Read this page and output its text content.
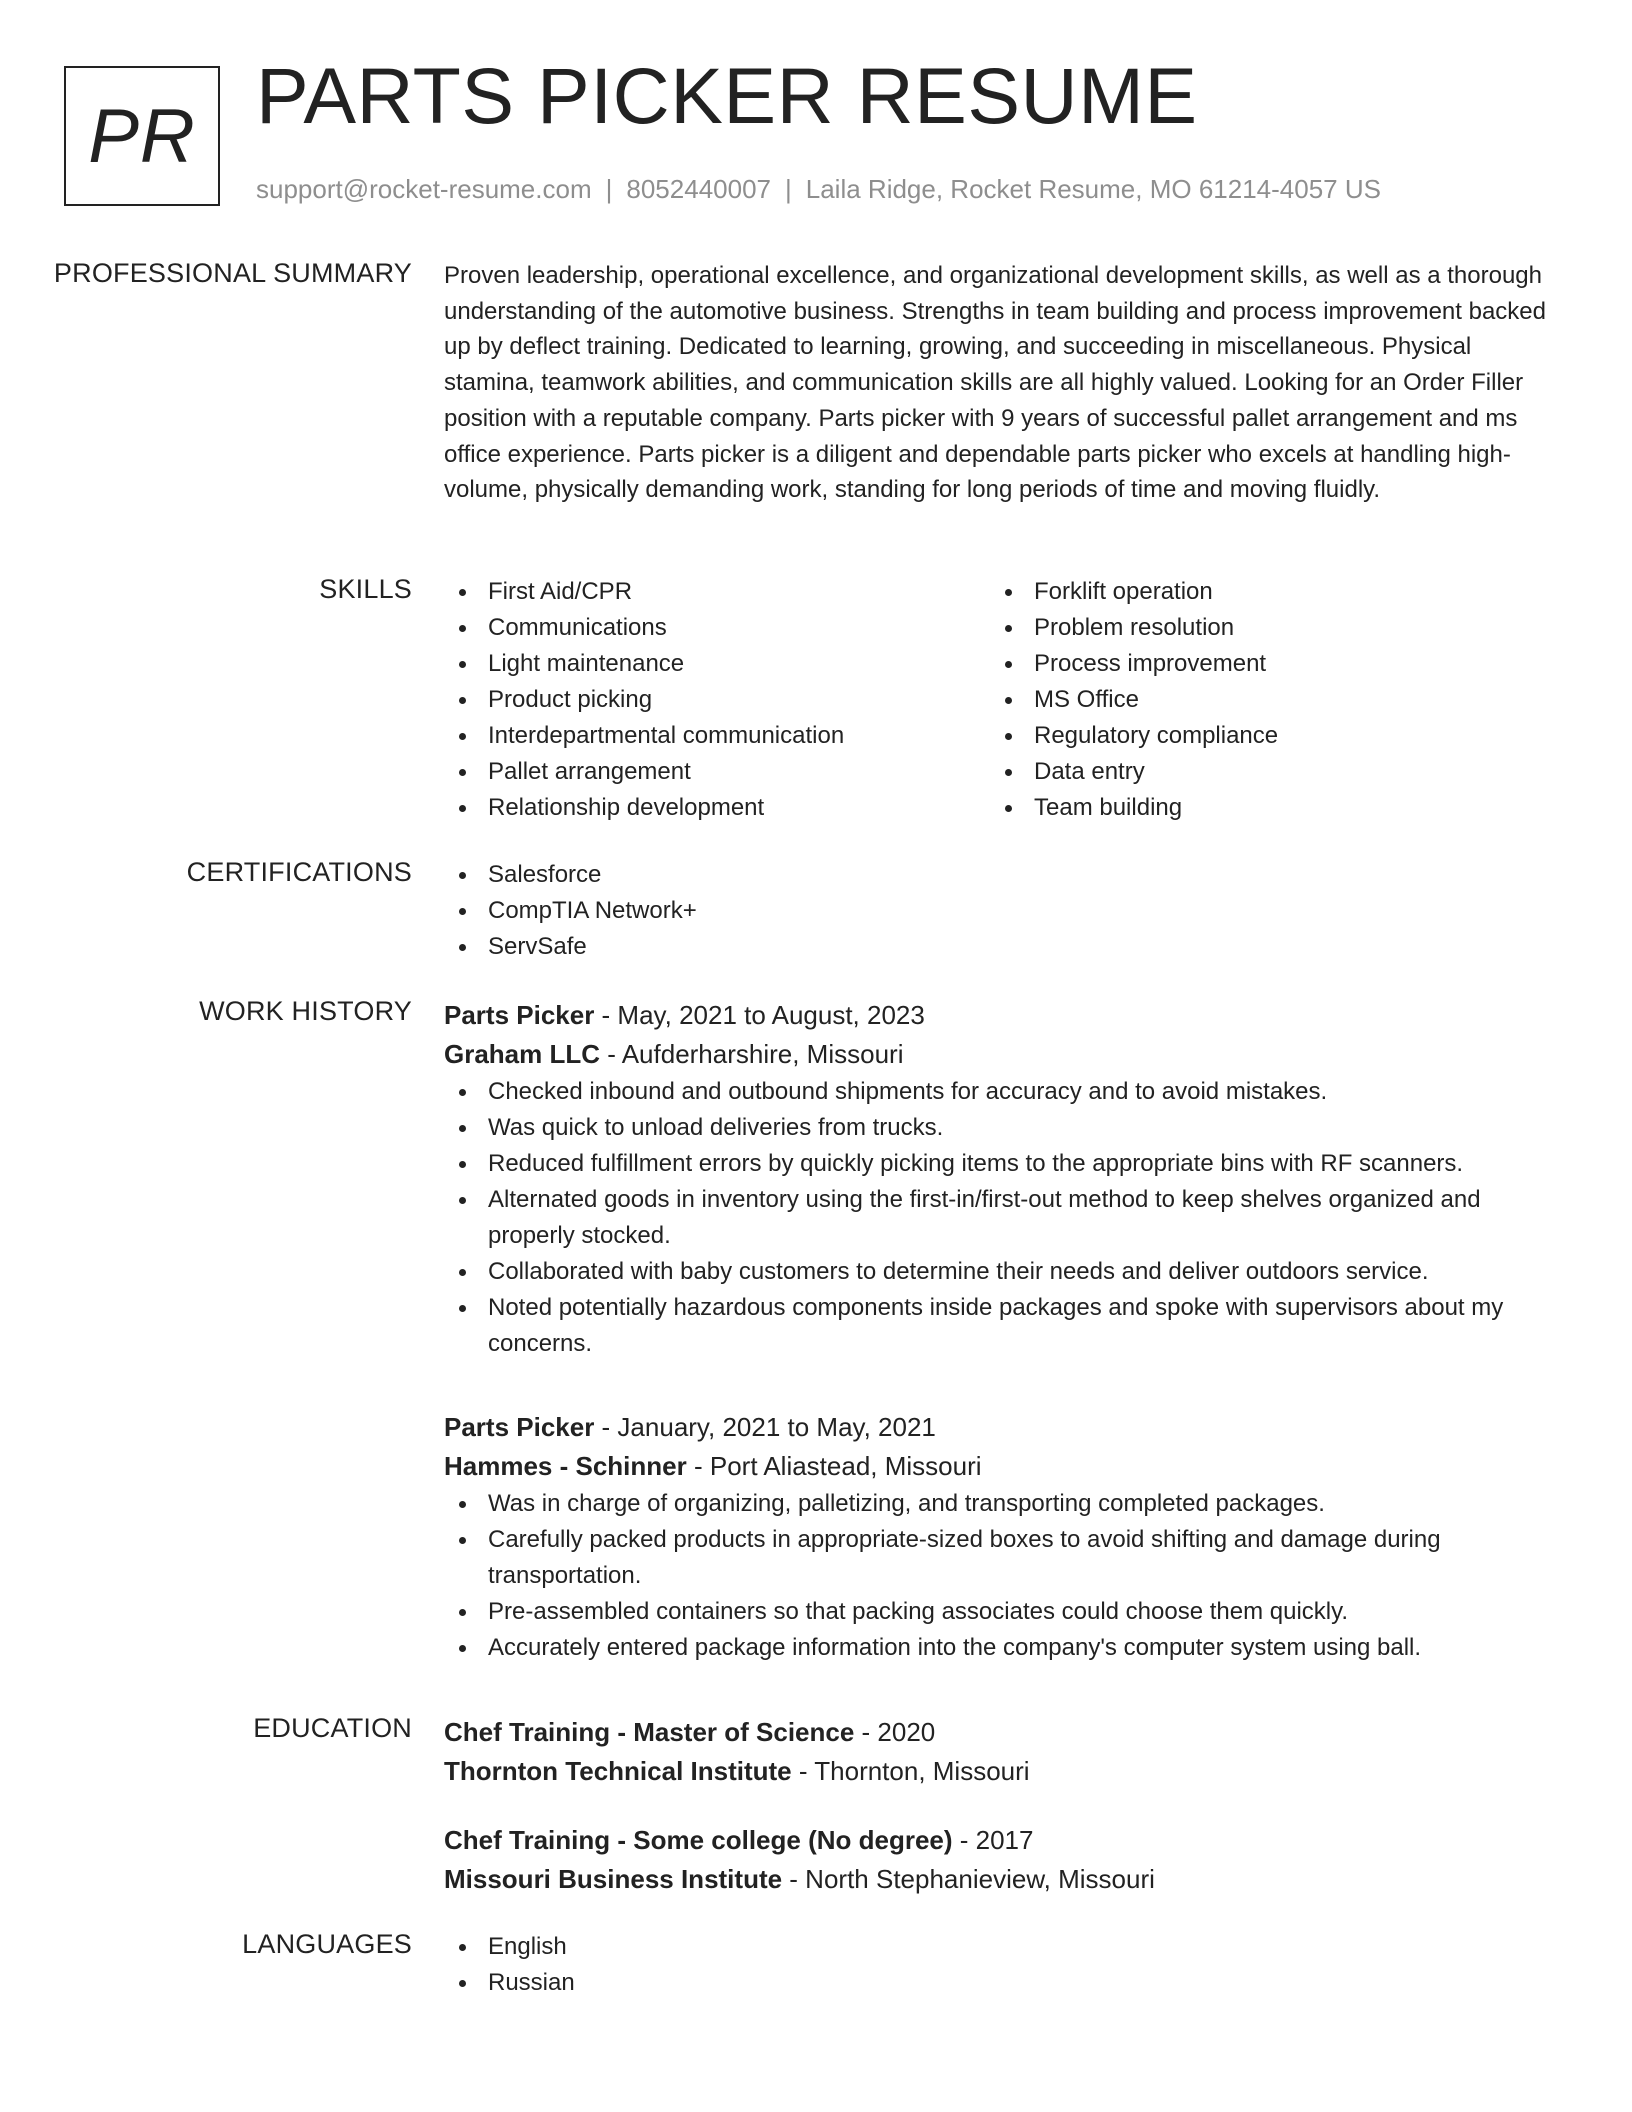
PR PARTS PICKER RESUME
support@rocket-resume.com | 8052440007 | Laila Ridge, Rocket Resume, MO 61214-4057 US
PROFESSIONAL SUMMARY Proven leadership, operational excellence, and organizational development skills, as well as a thorough understanding of the automotive business. Strengths in team building and process improvement backed up by deflect training. Dedicated to learning, growing, and succeeding in miscellaneous. Physical stamina, teamwork abilities, and communication skills are all highly valued. Looking for an Order Filler position with a reputable company. Parts picker with 9 years of successful pallet arrangement and ms office experience. Parts picker is a diligent and dependable parts picker who excels at handling high-volume, physically demanding work, standing for long periods of time and moving fluidly.

SKILLS	First Aid/CPR
Communications
Light maintenance
Product picking
Interdepartmental communication
Pallet arrangement
Relationship development
Forklift operation
Problem resolution
Process improvement
MS Office
Regulatory compliance
Data entry
Team building
CERTIFICATIONS	Salesforce
CompTIA Network+
ServSafe
WORK HISTORY Parts Picker - May, 2021 to August, 2023
Graham LLC - Aufderharshire, Missouri
Checked inbound and outbound shipments for accuracy and to avoid mistakes.
Was quick to unload deliveries from trucks.
Reduced fulfillment errors by quickly picking items to the appropriate bins with RF scanners.
Alternated goods in inventory using the first-in/first-out method to keep shelves organized and properly stocked.
Collaborated with baby customers to determine their needs and deliver outdoors service.
Noted potentially hazardous components inside packages and spoke with supervisors about my concerns.
Parts Picker - January, 2021 to May, 2021
Hammes - Schinner - Port Aliastead, Missouri
Was in charge of organizing, palletizing, and transporting completed packages.
Carefully packed products in appropriate-sized boxes to avoid shifting and damage during transportation.
Pre-assembled containers so that packing associates could choose them quickly.
Accurately entered package information into the company's computer system using ball.
EDUCATION Chef Training - Master of Science - 2020
Thornton Technical Institute - Thornton, Missouri
Chef Training - Some college (No degree) - 2017
Missouri Business Institute - North Stephanieview, Missouri
LANGUAGES	English
Russian
